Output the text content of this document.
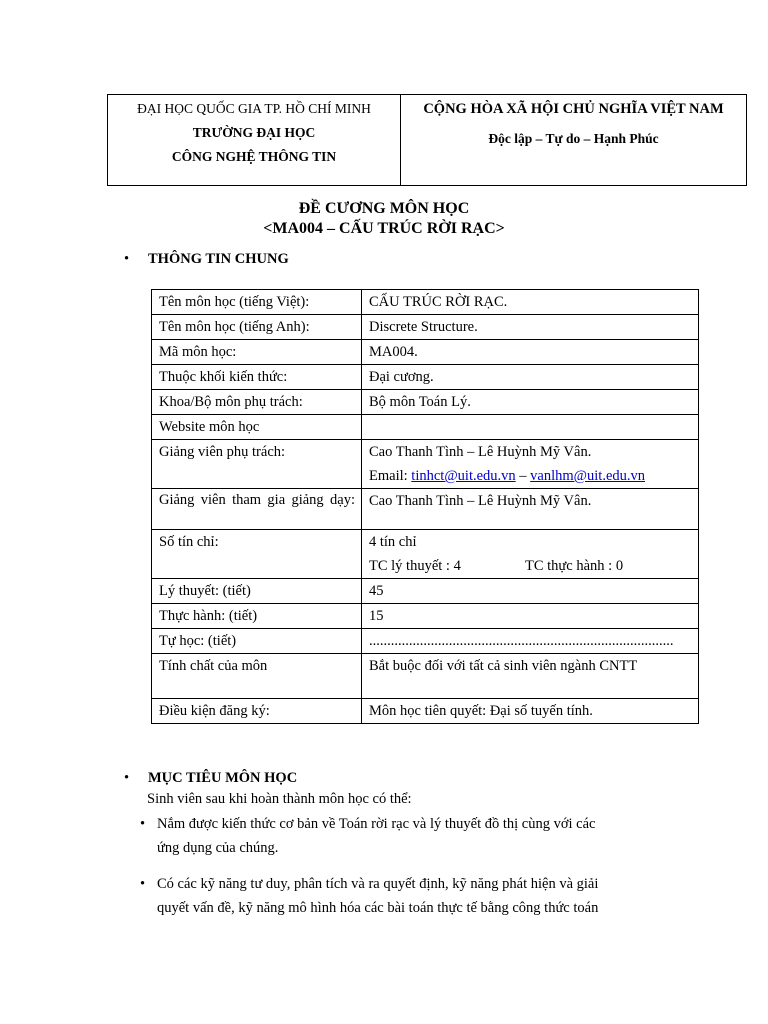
ĐẠI HỌC QUỐC GIA TP. HỒ CHÍ MINH
TRƯỜNG ĐẠI HỌC
CÔNG NGHỆ THÔNG TIN
CỘNG HÒA XÃ HỘI CHỦ NGHĨA VIỆT NAM
Độc lập – Tự do – Hạnh Phúc
ĐỀ CƯƠNG MÔN HỌC
<MA004 – CẤU TRÚC RỜI RẠC>
• THÔNG TIN CHUNG
Tên môn học (tiếng Việt):	CẤU TRÚC RỜI RẠC.
Tên môn học (tiếng Anh):	Discrete Structure.
Mã môn học:	MA004.
Thuộc khối kiến thức:	Đại cương.
Khoa/Bộ môn phụ trách:	Bộ môn Toán Lý.
Website môn học	
Giảng viên phụ trách:	Cao Thanh Tình – Lê Huỳnh Mỹ Vân.
Email: tinhct@uit.edu.vn – vanlhm@uit.edu.vn

Giảng viên tham gia giảng dạy:	Cao Thanh Tình – Lê Huỳnh Mỹ Vân.
Số tín chỉ:	4 tín chỉ
TC lý thuyết : 4 TC thực hành : 0

Lý thuyết: (tiết)	45
Thực hành: (tiết)	15
Tự học: (tiết)	....................................................................................
Tính chất của môn	Bắt buộc đối với tất cả sinh viên ngành CNTT
Điều kiện đăng ký:	Môn học tiên quyết: Đại số tuyến tính.
• MỤC TIÊU MÔN HỌC
Sinh viên sau khi hoàn thành môn học có thể:
• Nắm được kiến thức cơ bản về Toán rời rạc và lý thuyết đồ thị cùng với các
ứng dụng của chúng.
• Có các kỹ năng tư duy, phân tích và ra quyết định, kỹ năng phát hiện và giải
quyết vấn đề, kỹ năng mô hình hóa các bài toán thực tế bằng công thức toán
